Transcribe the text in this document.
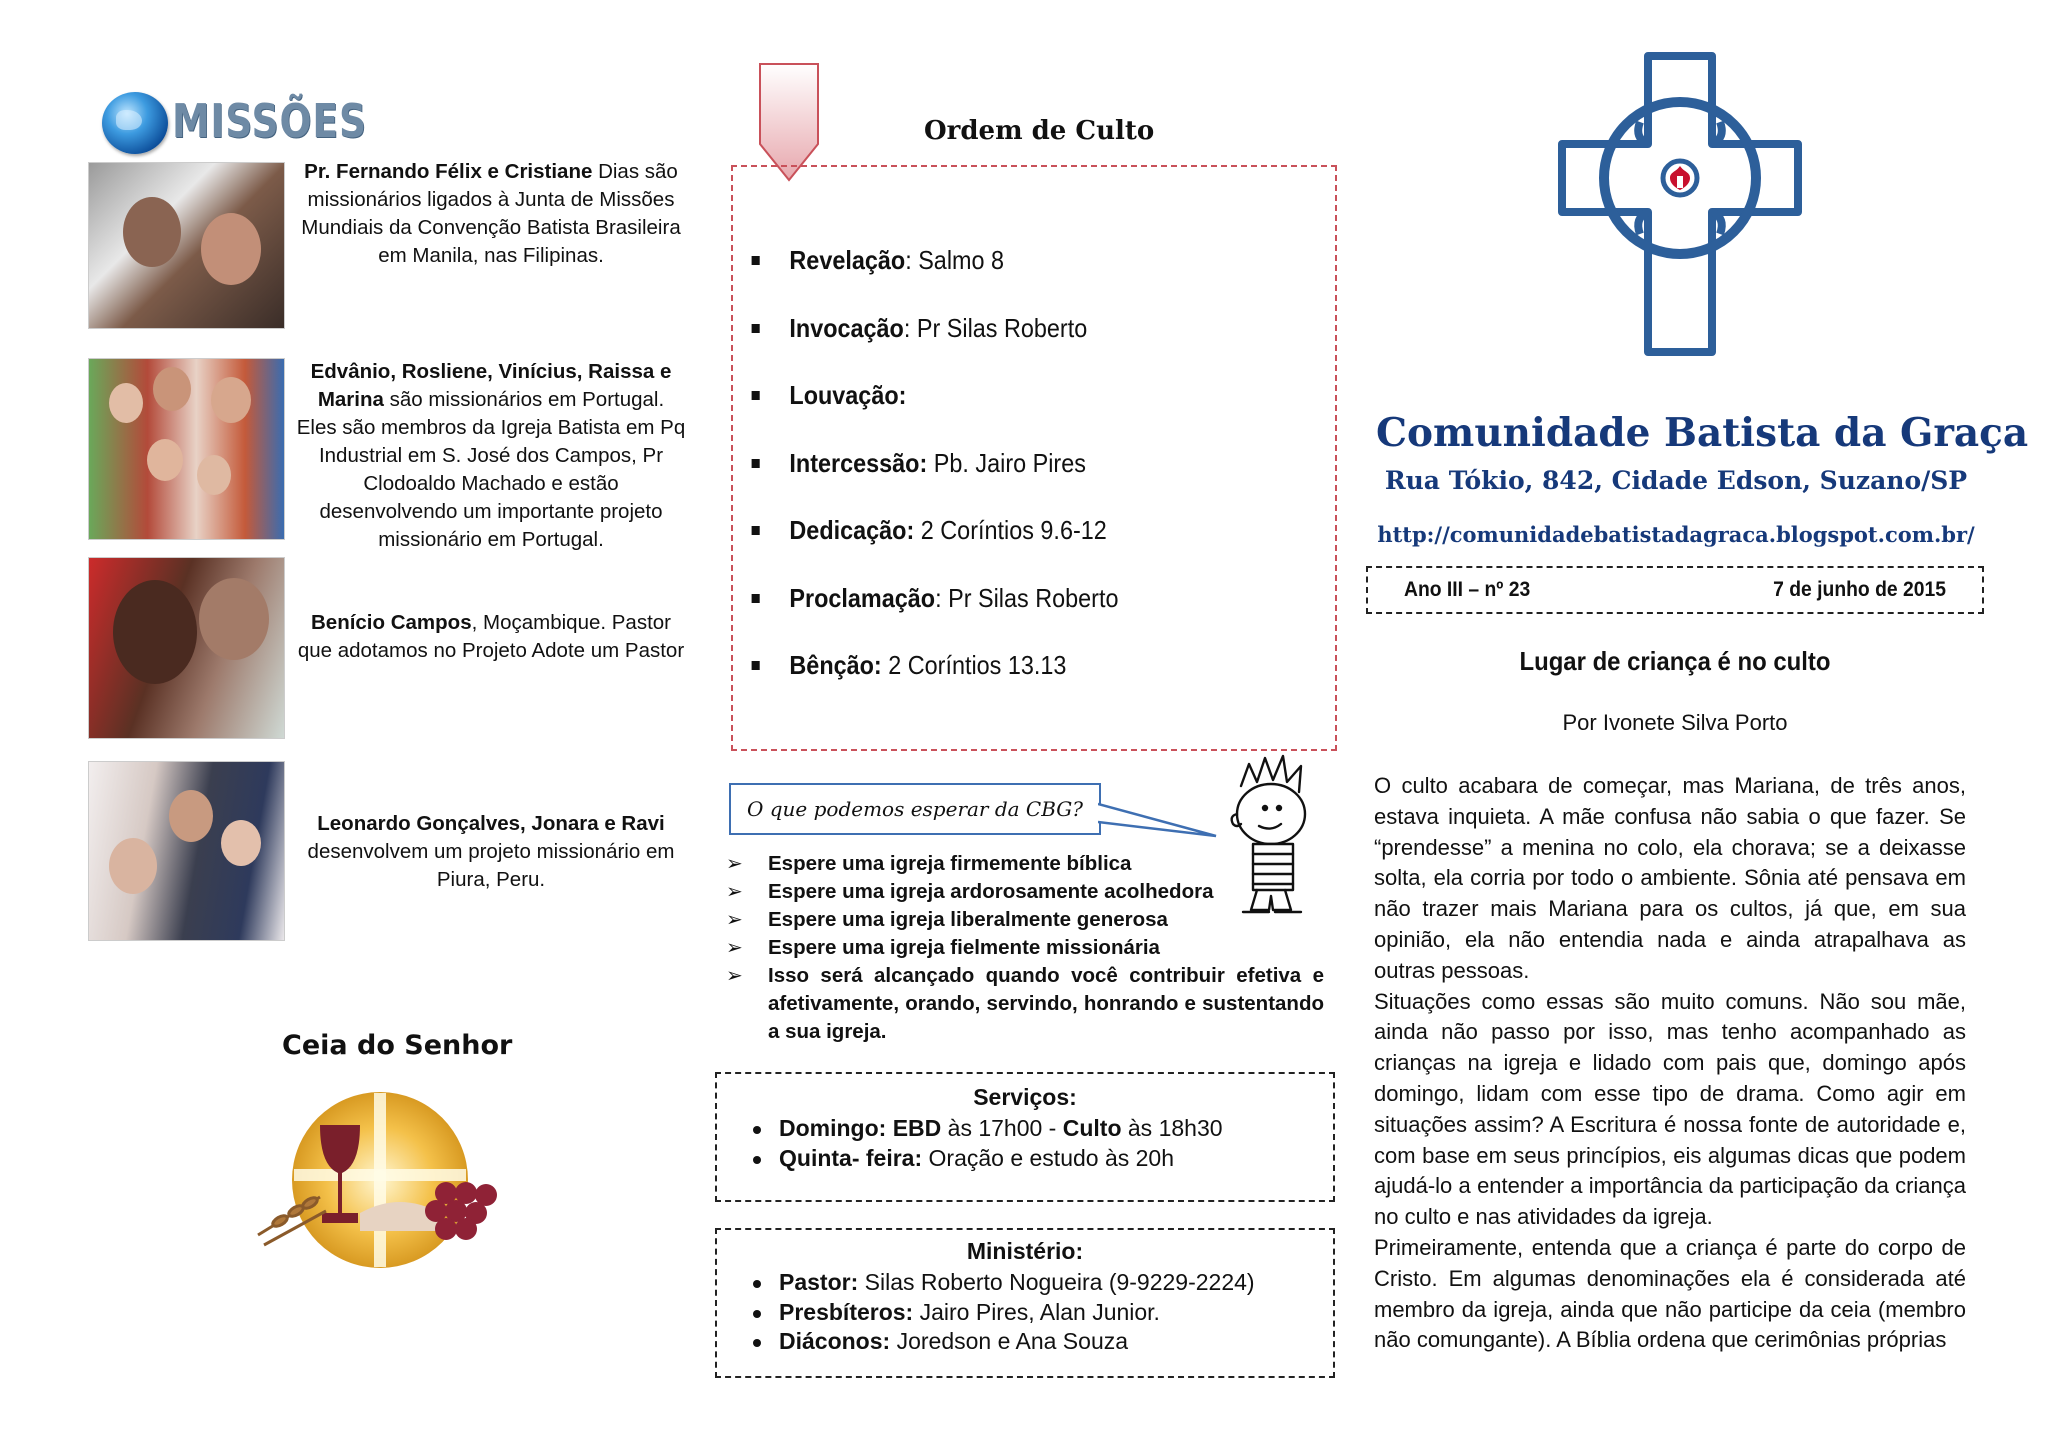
MISSÕES
Pr. Fernando Félix e Cristiane Dias são missionários ligados à Junta de Missões Mundiais da Convenção Batista Brasileira em Manila, nas Filipinas.
Edvânio, Rosliene, Vinícius, Raissa e Marina são missionários em Portugal. Eles são membros da Igreja Batista em Pq Industrial em S. José dos Campos, Pr Clodoaldo Machado e estão desenvolvendo um importante projeto missionário em Portugal.
Benício Campos, Moçambique. Pastor que adotamos no Projeto Adote um Pastor
Leonardo Gonçalves, Jonara e Ravi desenvolvem um projeto missionário em Piura, Peru.
Ceia do Senhor
Ordem de Culto
Revelação: Salmo 8
Invocação: Pr Silas Roberto
Louvação:
Intercessão: Pb. Jairo Pires
Dedicação: 2 Coríntios 9.6-12
Proclamação: Pr Silas Roberto
Bênção: 2 Coríntios 13.13
O que podemos esperar da CBG?
➢ Espere uma igreja firmemente bíblica
➢ Espere uma igreja ardorosamente acolhedora
➢ Espere uma igreja liberalmente generosa
➢ Espere uma igreja fielmente missionária
➢ Isso será alcançado quando você contribuir efetiva e afetivamente, orando, servindo, honrando e sustentando a sua igreja.
Serviços:
Domingo: EBD às 17h00 - Culto às 18h30
Quinta- feira: Oração e estudo às 20h
Ministério:
Pastor: Silas Roberto Nogueira (9-9229-2224)
Presbíteros: Jairo Pires, Alan Junior.
Diáconos: Joredson e Ana Souza
Comunidade Batista da Graça
Rua Tókio, 842, Cidade Edson, Suzano/SP
http://comunidadebatistadagraca.blogspot.com.br/
Ano III – nº 23	7 de junho de 2015
Lugar de criança é no culto
Por Ivonete Silva Porto

O culto acabara de começar, mas Mariana, de três anos, estava inquieta. A mãe confusa não sabia o que fazer. Se “prendesse” a menina no colo, ela chorava; se a deixasse solta, ela corria por todo o ambiente. Sônia até pensava em não trazer mais Mariana para os cultos, já que, em sua opinião, ela não entendia nada e ainda atrapalhava as outras pessoas.

Situações como essas são muito comuns. Não sou mãe, ainda não passo por isso, mas tenho acompanhado as crianças na igreja e lidado com pais que, domingo após domingo, lidam com esse tipo de drama. Como agir em situações assim? A Escritura é nossa fonte de autoridade e, com base em seus princípios, eis algumas dicas que podem ajudá-lo a entender a importância da participação da criança no culto e nas atividades da igreja.

Primeiramente, entenda que a criança é parte do corpo de Cristo. Em algumas denominações ela é considerada até membro da igreja, ainda que não participe da ceia (membro não comungante). A Bíblia ordena que cerimônias próprias
